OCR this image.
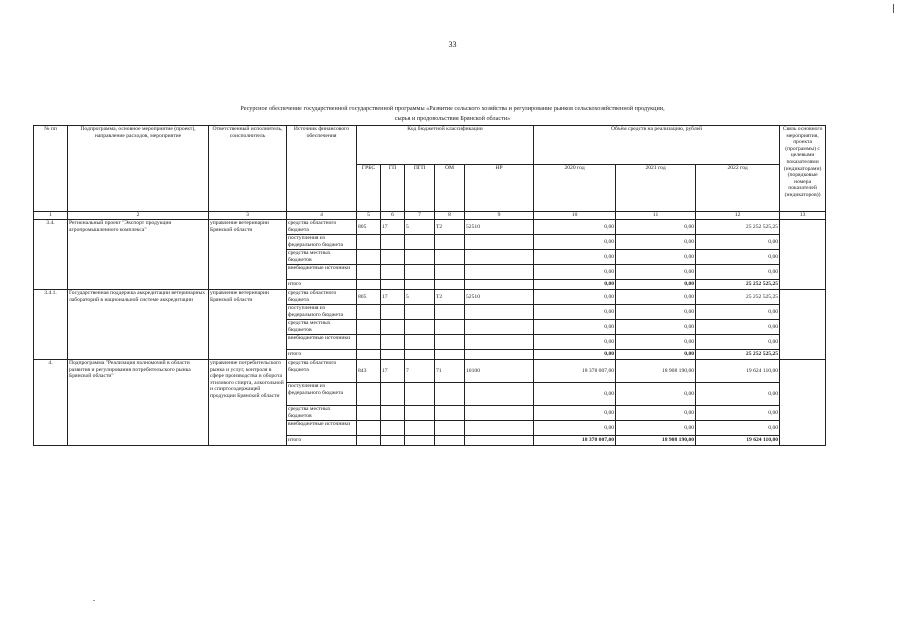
33
Ресурсное обеспечение государственной государственной программы «Развитие сельского хозяйства и регулирование рынков сельскохозяйственной продукции,
сырья и продовольствия Брянской области»
№ пп	Подпрограмма, основное мероприятие (проект), направление расходов, мероприятие	Ответственный исполнитель, соисполнитель	Источник финансового обеспечения	Код бюджетной классификации					Объём средств на реализацию, рублей			Связь основного мероприятия, проекта (программы) с целевыми показателями (индикаторами) (порядковые номера показателей (индикаторов))
				ГРБС	ГП	ПГП	ОМ	НР	2020 год	2021 год	2022 год	
1	2	3	4	5	6	7	8	9	10	11	12	13
3.4.	Региональный проект "Экспорт продукции агропромышленного комплекса"	управление ветеринарии Брянской области	средства областного бюджета	805	17	5	Т2	52510	0,00	0,00	25 252 525,25	
			поступления из федерального бюджета						0,00	0,00	0,00	
			средства местных бюджетов						0,00	0,00	0,00	
			внебюджетные источники						0,00	0,00	0,00	
			итого						0,00	0,00	25 252 525,25	
3.4.1.	Государственная поддержка аккредитации ветеринарных лабораторий в национальной системе аккредитации	управление ветеринарии Брянской области	средства областного бюджета	805	17	5	Т2	52510	0,00	0,00	25 252 525,25	
			поступления из федерального бюджета						0,00	0,00	0,00	
			средства местных бюджетов						0,00	0,00	0,00	
			внебюджетные источники						0,00	0,00	0,00	
			итого						0,00	0,00	25 252 525,25	
4.	Подпрограмма "Реализация полномочий в области развития и регулирования потребительского рынка Брянской области"	управление потребительского рынка и услуг, контроля в сфере производства и оборота этилового спирта, алкогольной и спиртосодержащей продукции Брянской области	средства областного бюджета	843	17	7	71	10100	18 378 007,00	18 908 190,00	19 624 110,00	
			поступления из федерального бюджета						0,00	0,00	0,00	
			средства местных бюджетов						0,00	0,00	0,00	
			внебюджетные источники						0,00	0,00	0,00	
			итого						18 378 007,00	18 908 190,00	19 624 110,00	
